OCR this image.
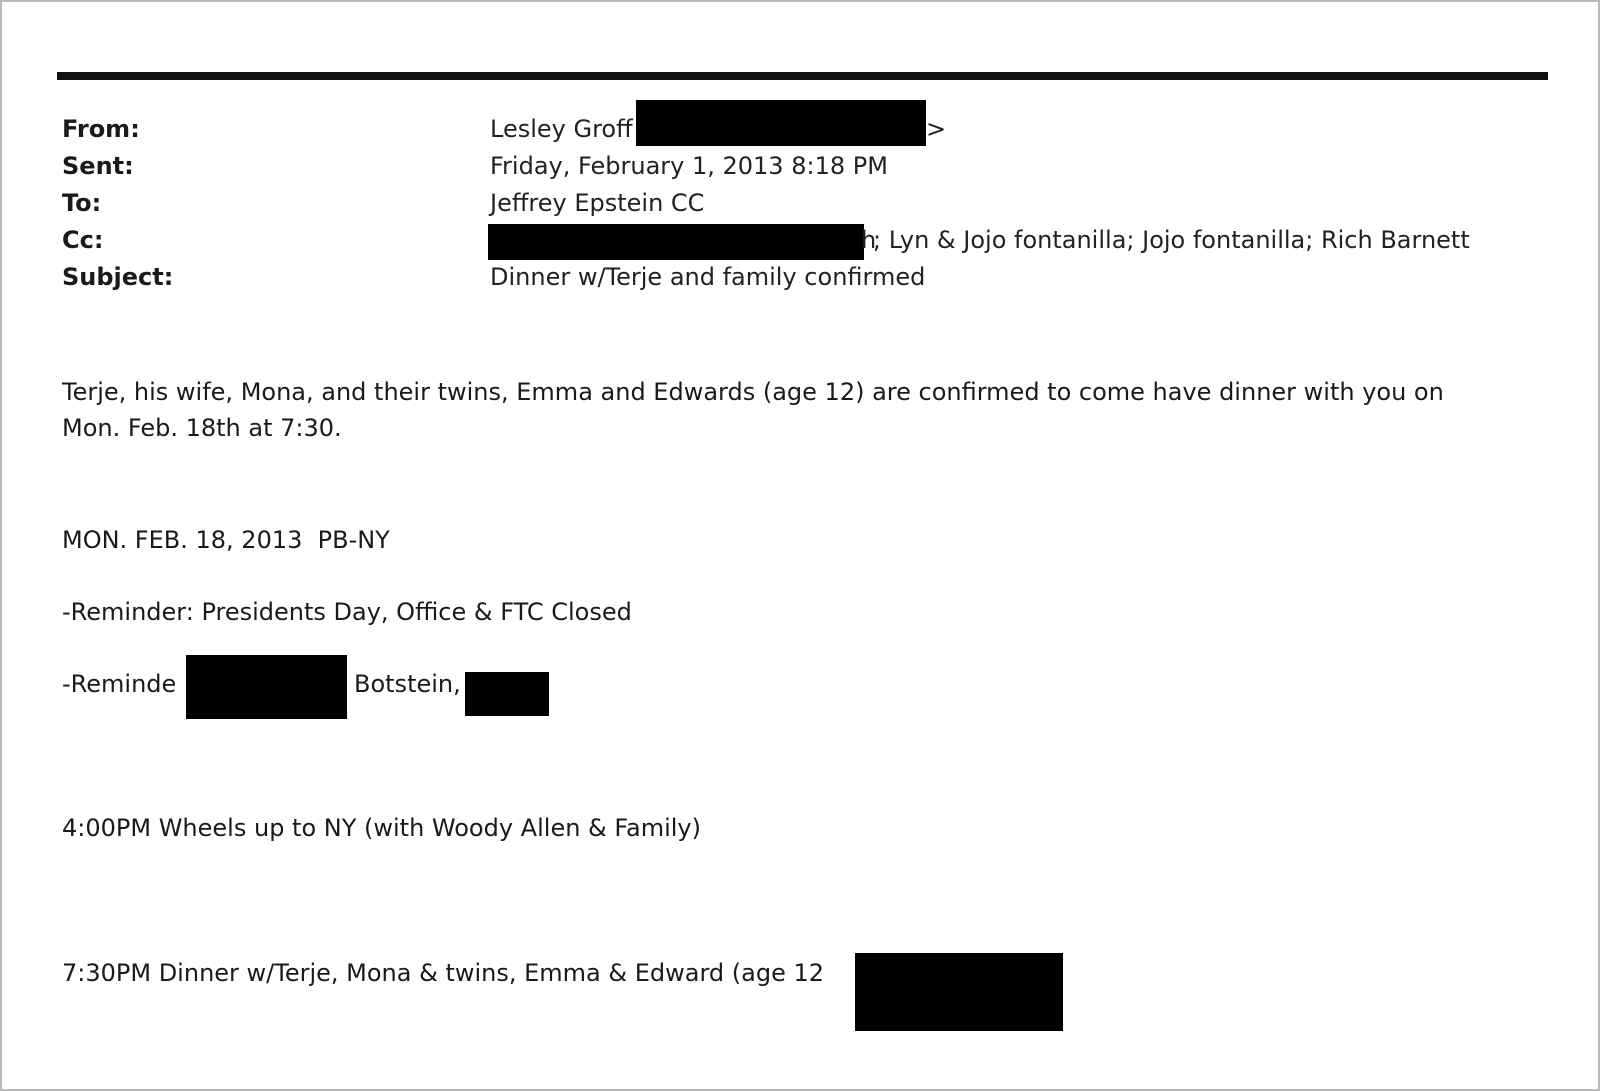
From:
Sent:
To:
Cc:
Subject:
Lesley Groff	>
Friday, February 1, 2013 8:18 PM
Jeffrey Epstein CC
h
; Lyn & Jojo fontanilla; Jojo fontanilla; Rich Barnett
Dinner w/Terje and family confirmed
Terje, his wife, Mona, and their twins, Emma and Edwards (age 12) are confirmed to come have dinner with you on
Mon. Feb. 18th at 7:30.
MON. FEB. 18, 2013  PB-NY
-Reminder: Presidents Day, Office & FTC Closed
-Reminde	Botstein,
4:00PM Wheels up to NY (with Woody Allen & Family)
7:30PM Dinner w/Terje, Mona & twins, Emma & Edward (age 12
